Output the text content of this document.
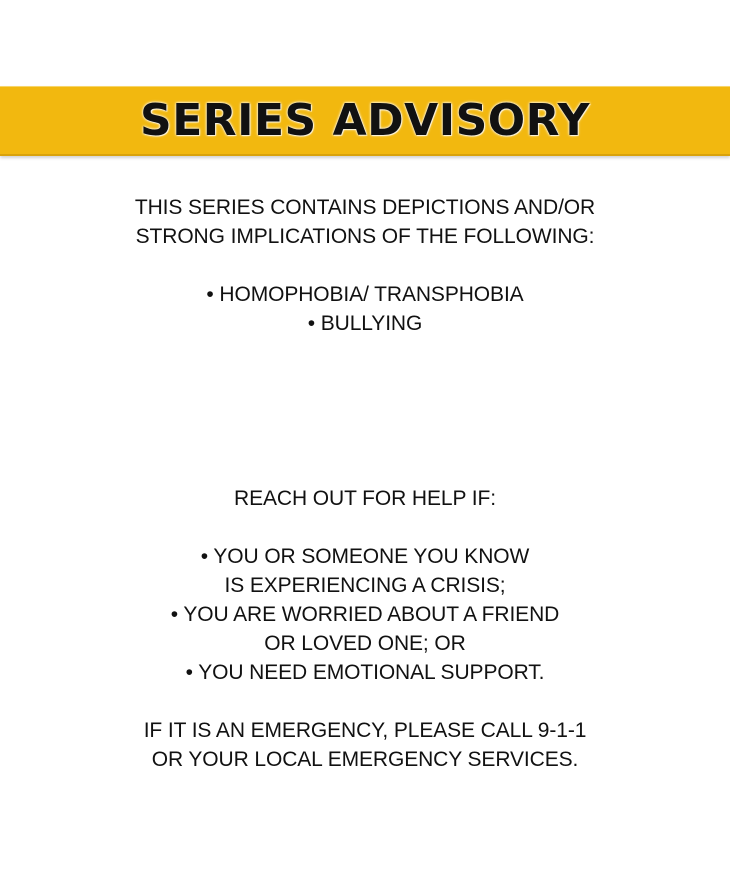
SERIES ADVISORY
THIS SERIES CONTAINS DEPICTIONS AND/OR
STRONG IMPLICATIONS OF THE FOLLOWING:
• HOMOPHOBIA/ TRANSPHOBIA
• BULLYING
REACH OUT FOR HELP IF:
• YOU OR SOMEONE YOU KNOW
IS EXPERIENCING A CRISIS;
• YOU ARE WORRIED ABOUT A FRIEND
OR LOVED ONE; OR
• YOU NEED EMOTIONAL SUPPORT.
IF IT IS AN EMERGENCY, PLEASE CALL 9-1-1
OR YOUR LOCAL EMERGENCY SERVICES.
